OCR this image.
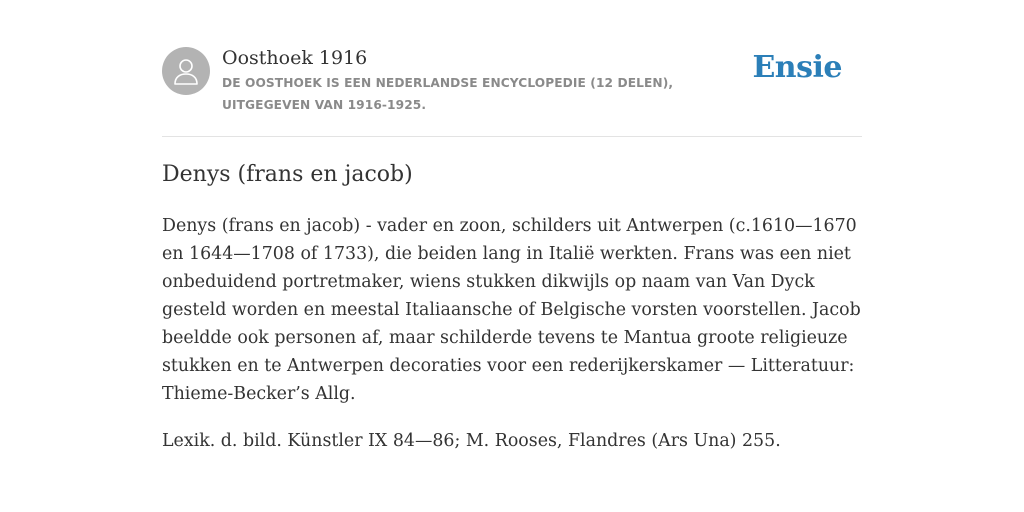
Oosthoek 1916
DE OOSTHOEK IS EEN NEDERLANDSE ENCYCLOPEDIE (12 DELEN), UITGEGEVEN VAN 1916-1925.
Ensie
Denys (frans en jacob)

Denys (frans en jacob) - vader en zoon, schilders uit Antwerpen (c.1610—1670 en 1644—1708 of 1733), die beiden lang in Italië werkten. Frans was een niet onbeduidend portretmaker, wiens stukken dikwijls op naam van Van Dyck gesteld worden en meestal Italiaansche of Belgische vorsten voorstellen. Jacob beeldde ook personen af, maar schilderde tevens te Mantua groote religieuze stukken en te Antwerpen decoraties voor een rederijkerskamer — Litteratuur: Thieme-Becker’s Allg.

Lexik. d. bild. Künstler IX 84—86; M. Rooses, Flandres (Ars Una) 255.
